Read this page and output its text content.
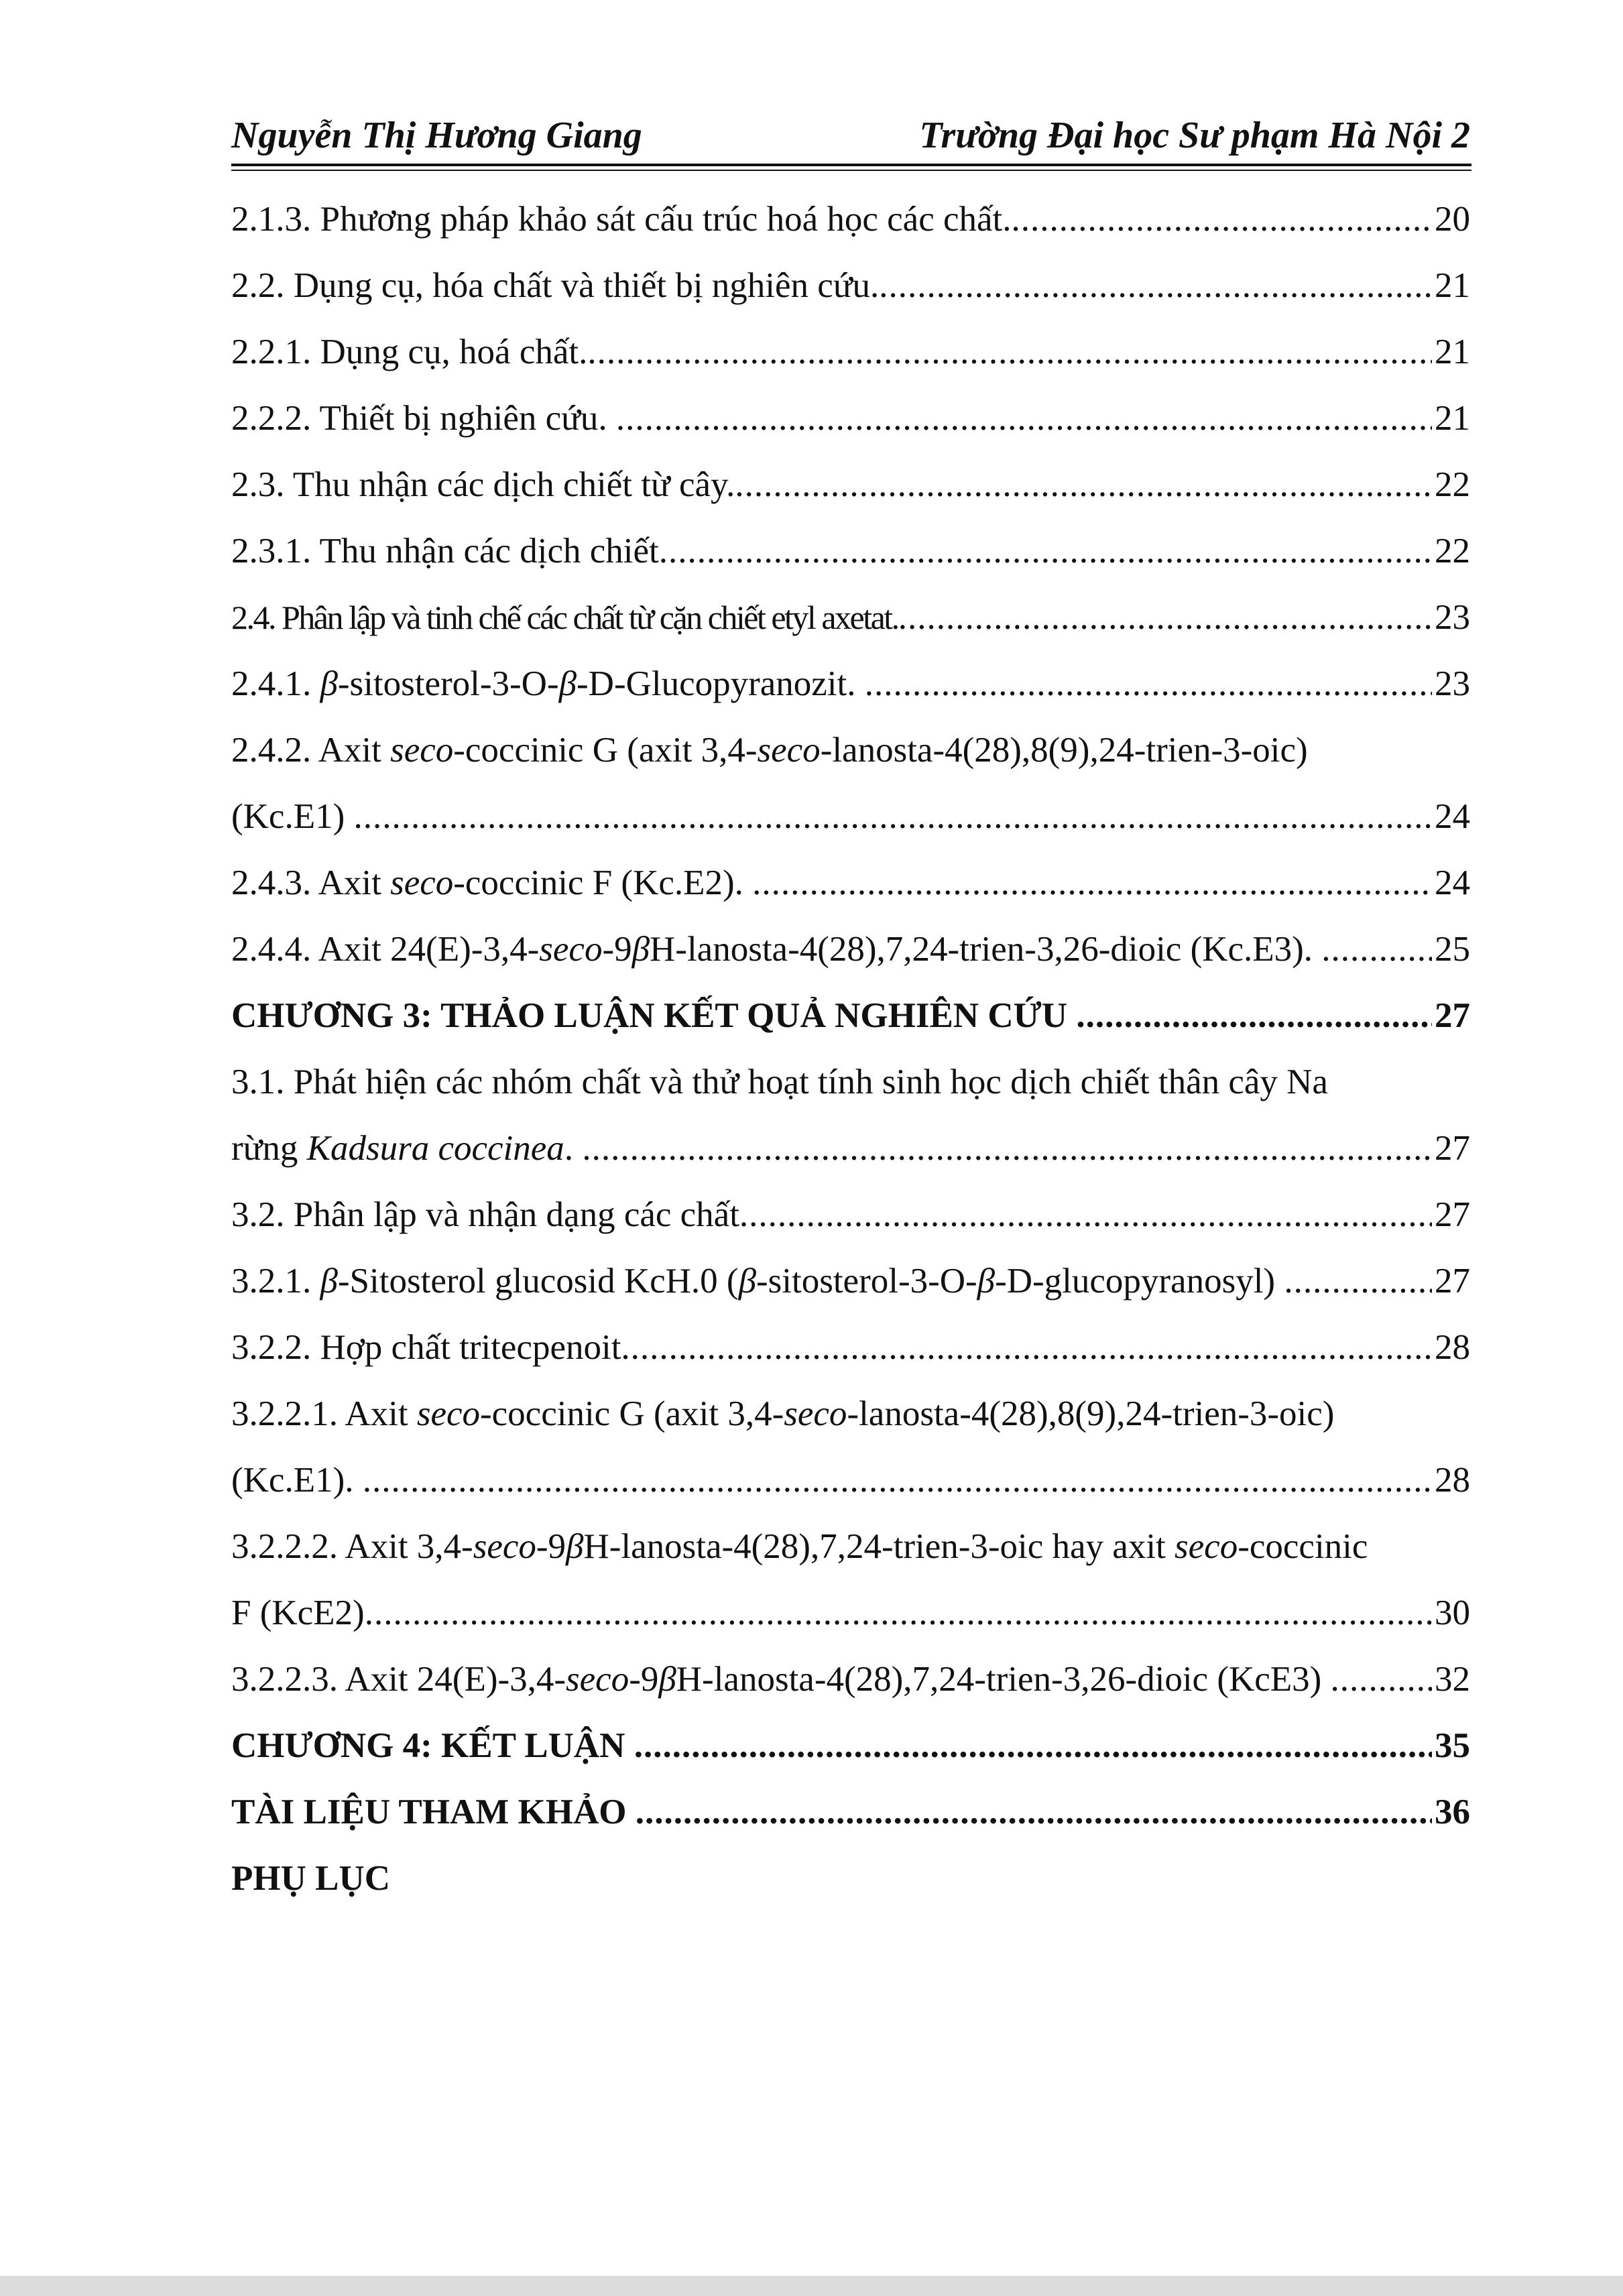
Nguyễn Thị Hương Giang	Trường Đại học Sư phạm Hà Nội 2
2.1.3. Phương pháp khảo sát cấu trúc hoá học các chất. .....	20
2.2. Dụng cụ, hóa chất và thiết bị nghiên cứu. .....	21
2.2.1. Dụng cụ, hoá chất. .....	21
2.2.2. Thiết bị nghiên cứu. .....	21
2.3. Thu nhận các dịch chiết từ cây. .....	22
2.3.1. Thu nhận các dịch chiết .....	22
2.4. Phân lập và tinh chế các chất từ cặn chiết etyl axetat. .....	23
2.4.1. β-sitosterol-3-O-β-D-Glucopyranozit. .....	23
2.4.2. Axit seco-coccinic G (axit 3,4-seco-lanosta-4(28),8(9),24-trien-3-oic)
(Kc.E1) .....	24
2.4.3. Axit seco-coccinic F (Kc.E2). .....	24
2.4.4. Axit 24(E)-3,4-seco-9βH-lanosta-4(28),7,24-trien-3,26-dioic (Kc.E3). .....	25
CHƯƠNG 3: THẢO LUẬN KẾT QUẢ NGHIÊN CỨU .....	27
3.1. Phát hiện các nhóm chất và thử hoạt tính sinh học dịch chiết thân cây Na
rừng Kadsura coccinea. .....	27
3.2. Phân lập và nhận dạng các chất .....	27
3.2.1. β-Sitosterol glucosid KcH.0 (β-sitosterol-3-O-β-D-glucopyranosyl) .....	27
3.2.2. Hợp chất tritecpenoit .....	28
3.2.2.1. Axit seco-coccinic G (axit 3,4-seco-lanosta-4(28),8(9),24-trien-3-oic)
(Kc.E1). .....	28
3.2.2.2. Axit 3,4-seco-9βH-lanosta-4(28),7,24-trien-3-oic hay axit seco-coccinic
F (KcE2) .....	30
3.2.2.3. Axit 24(E)-3,4-seco-9βH-lanosta-4(28),7,24-trien-3,26-dioic (KcE3) .....	32
CHƯƠNG 4: KẾT LUẬN .....	35
TÀI LIỆU THAM KHẢO .....	36
PHỤ LỤC
